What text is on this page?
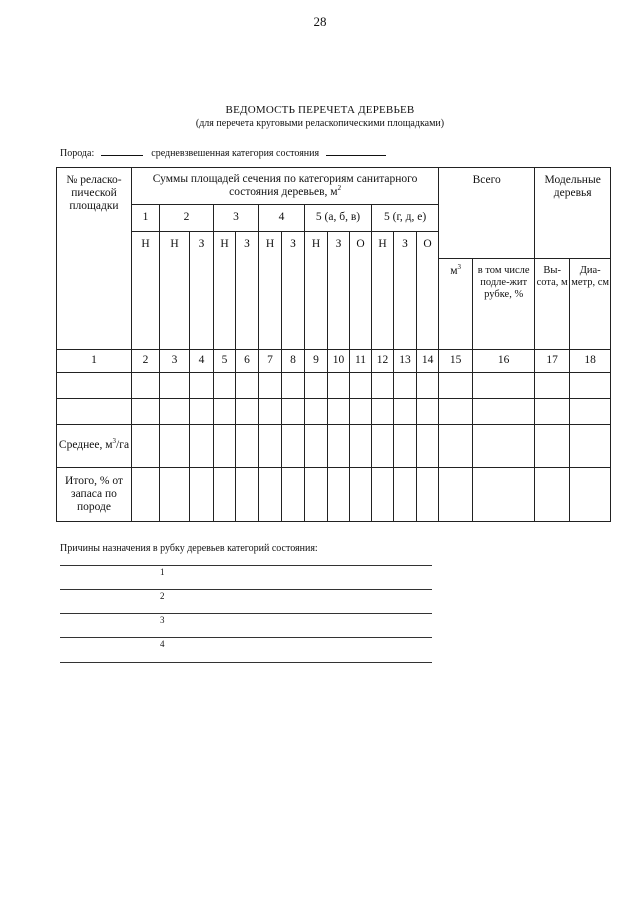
28
ВЕДОМОСТЬ ПЕРЕЧЕТА ДЕРЕВЬЕВ
(для перечета круговыми реласкопическими площадками)
Порода:	средневзвешенная категория состояния
№ реласко-пической площадки	Суммы площадей сечения по категориям санитарного состояния деревьев, $м^2$													Всего		Модельные деревья	
	1	2		3		4		5 (а, б, в)			5 (г, д, е)						
	Н	Н	З	Н	З	Н	З	Н	З	О	Н	З	О				
														$м^3$	в том числе подле-жит рубке, %	Вы-сота, м	Диа-метр, см
1	2	3	4	5	6	7	8	9	10	11	12	13	14	15	16	17	18

Среднее, $м^3/га$																	
Итого, % от запаса по породе																	
Причины назначения в рубку деревьев категорий состояния:
1
2
3
4
